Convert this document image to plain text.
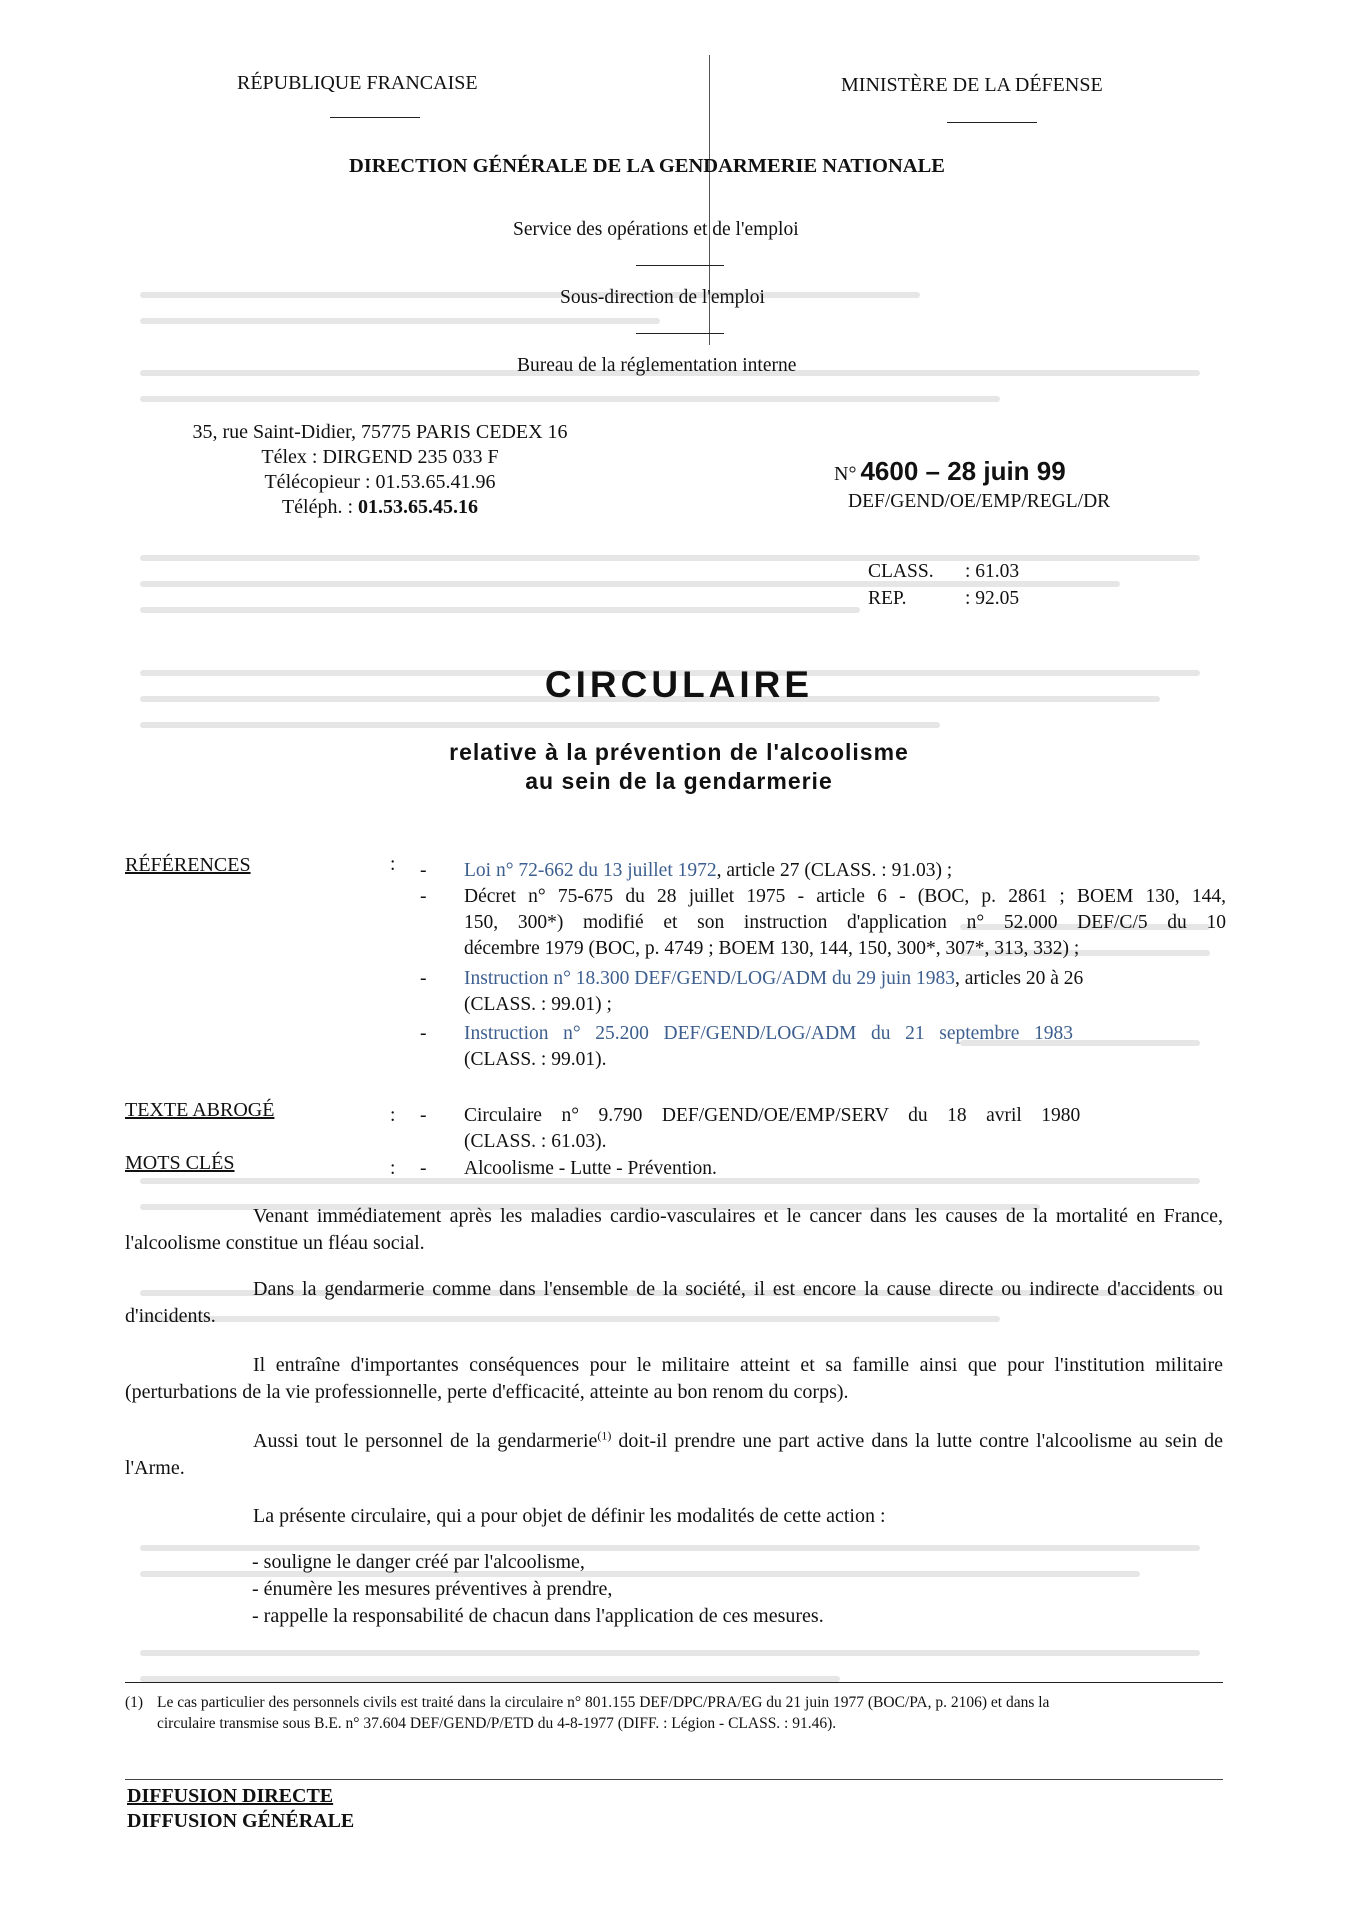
RÉPUBLIQUE FRANCAISE	MINISTÈRE DE LA DÉFENSE
DIRECTION GÉNÉRALE DE LA GENDARMERIE NATIONALE
Service des opérations et de l'emploi
Sous-direction de l'emploi
Bureau de la réglementation interne
35, rue Saint-Didier, 75775 PARIS CEDEX 16
Télex : DIRGEND 235 033 F
Télécopieur : 01.53.65.41.96
Téléph. : 01.53.65.45.16
N° 4600 – 28 juin 99
DEF/GEND/OE/EMP/REGL/DR
CLASS. : 61.03
REP.	: 92.05
CIRCULAIRE
relative à la prévention de l'alcoolisme
au sein de la gendarmerie
RÉFÉRENCES	: - Loi n° 72-662 du 13 juillet 1972, article 27 (CLASS. : 91.03) ;
- Décret n° 75-675 du 28 juillet 1975 - article 6 - (BOC, p. 2861 ; BOEM 130, 144,
150, 300*) modifié et son instruction d'application n° 52.000 DEF/C/5 du 10
décembre 1979 (BOC, p. 4749 ; BOEM 130, 144, 150, 300*, 307*, 313, 332) ;
- Instruction n° 18.300 DEF/GEND/LOG/ADM du 29 juin 1983, articles 20 à 26
(CLASS. : 99.01) ;
- Instruction   n°   25.200   DEF/GEND/LOG/ADM   du   21   septembre   1983
(CLASS. : 99.01).
TEXTE ABROGÉ	: - Circulaire    n°    9.790    DEF/GEND/OE/EMP/SERV    du    18    avril    1980
(CLASS. : 61.03).
MOTS CLÉS	: - Alcoolisme - Lutte - Prévention.
Venant immédiatement après les maladies cardio-vasculaires et le cancer dans les causes de la mortalité en France, l'alcoolisme constitue un fléau social.
Dans la gendarmerie comme dans l'ensemble de la société, il est encore la cause directe ou indirecte d'accidents ou d'incidents.
Il entraîne d'importantes conséquences pour le militaire atteint et sa famille ainsi que pour l'institution militaire (perturbations de la vie professionnelle, perte d'efficacité, atteinte au bon renom du corps).
Aussi tout le personnel de la gendarmerie$^{(1)}$ doit-il prendre une part active dans la lutte contre l'alcoolisme au sein de l'Arme.
La présente circulaire, qui a pour objet de définir les modalités de cette action :
- souligne le danger créé par l'alcoolisme,
- énumère les mesures préventives à prendre,
- rappelle la responsabilité de chacun dans l'application de ces mesures.
(1) Le cas particulier des personnels civils est traité dans la circulaire n° 801.155 DEF/DPC/PRA/EG du 21 juin 1977 (BOC/PA, p. 2106) et dans la
circulaire transmise sous B.E. n° 37.604 DEF/GEND/P/ETD du 4-8-1977 (DIFF. : Légion - CLASS. : 91.46).
DIFFUSION DIRECTE
DIFFUSION GÉNÉRALE
